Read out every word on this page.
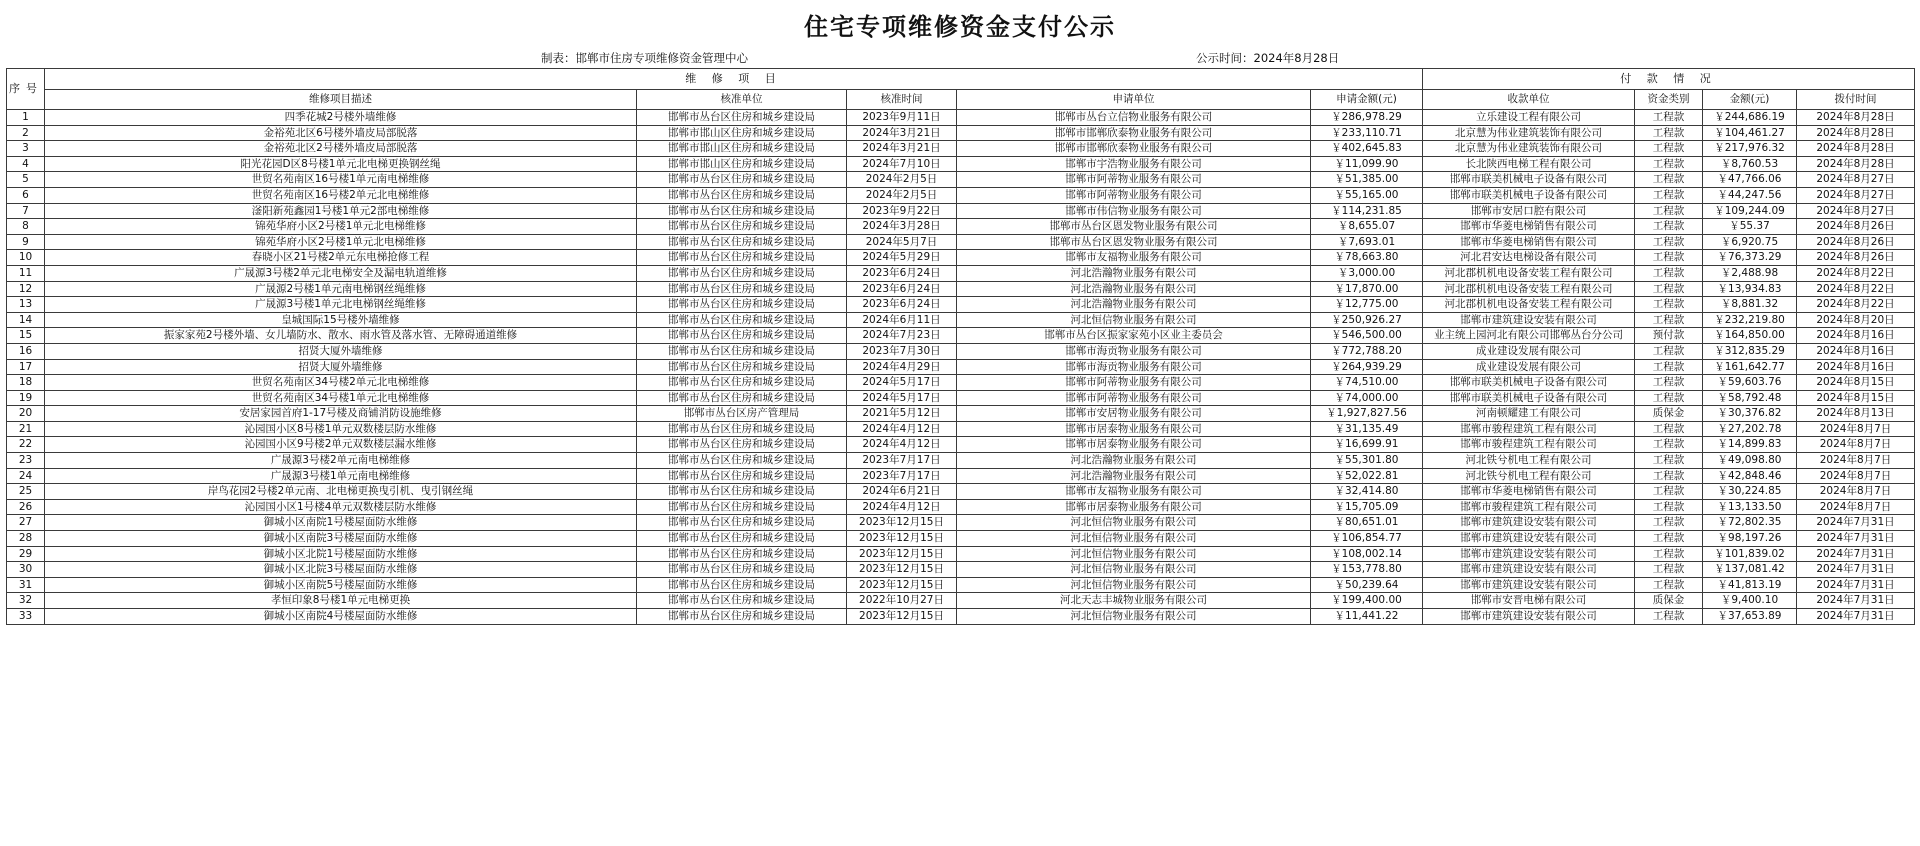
住宅专项维修资金支付公示
制表：邯郸市住房专项维修资金管理中心	公示时间：2024年8月28日
序号	维 修 项 目					付 款 情 况			
	维修项目描述	核准单位	核准时间	申请单位	申请金额(元)	收款单位	资金类别	金额(元)	拨付时间
1	四季花城2号楼外墙维修	邯郸市丛台区住房和城乡建设局	2023年9月11日	邯郸市丛台立信物业服务有限公司	￥286,978.29	立乐建设工程有限公司	工程款	￥244,686.19	2024年8月28日
2	金裕苑北区6号楼外墙皮局部脱落	邯郸市邯山区住房和城乡建设局	2024年3月21日	邯郸市邯郸欣泰物业服务有限公司	￥233,110.71	北京慧为伟业建筑装饰有限公司	工程款	￥104,461.27	2024年8月28日
3	金裕苑北区2号楼外墙皮局部脱落	邯郸市邯山区住房和城乡建设局	2024年3月21日	邯郸市邯郸欣泰物业服务有限公司	￥402,645.83	北京慧为伟业建筑装饰有限公司	工程款	￥217,976.32	2024年8月28日
4	阳光花园D区8号楼1单元北电梯更换钢丝绳	邯郸市邯山区住房和城乡建设局	2024年7月10日	邯郸市宇浩物业服务有限公司	￥11,099.90	长北陕西电梯工程有限公司	工程款	￥8,760.53	2024年8月28日
5	世贸名苑南区16号楼1单元南电梯维修	邯郸市丛台区住房和城乡建设局	2024年2月5日	邯郸市阿蒂物业服务有限公司	￥51,385.00	邯郸市联美机械电子设备有限公司	工程款	￥47,766.06	2024年8月27日
6	世贸名苑南区16号楼2单元北电梯维修	邯郸市丛台区住房和城乡建设局	2024年2月5日	邯郸市阿蒂物业服务有限公司	￥55,165.00	邯郸市联美机械电子设备有限公司	工程款	￥44,247.56	2024年8月27日
7	滏阳新苑鑫园1号楼1单元2部电梯维修	邯郸市丛台区住房和城乡建设局	2023年9月22日	邯郸市伟信物业服务有限公司	￥114,231.85	邯郸市安居口腔有限公司	工程款	￥109,244.09	2024年8月27日
8	锦苑华府小区2号楼1单元北电梯维修	邯郸市丛台区住房和城乡建设局	2024年3月28日	邯郸市丛台区恩发物业服务有限公司	￥8,655.07	邯郸市华菱电梯销售有限公司	工程款	￥55.37	2024年8月26日
9	锦苑华府小区2号楼1单元北电梯维修	邯郸市丛台区住房和城乡建设局	2024年5月7日	邯郸市丛台区恩发物业服务有限公司	￥7,693.01	邯郸市华菱电梯销售有限公司	工程款	￥6,920.75	2024年8月26日
10	春晓小区21号楼2单元东电梯抢修工程	邯郸市丛台区住房和城乡建设局	2024年5月29日	邯郸市友福物业服务有限公司	￥78,663.80	河北君安达电梯设备有限公司	工程款	￥76,373.29	2024年8月26日
11	广晟源3号楼2单元北电梯安全及漏电轨道维修	邯郸市丛台区住房和城乡建设局	2023年6月24日	河北浩瀚物业服务有限公司	￥3,000.00	河北郡机机电设备安装工程有限公司	工程款	￥2,488.98	2024年8月22日
12	广晟源2号楼1单元南电梯钢丝绳维修	邯郸市丛台区住房和城乡建设局	2023年6月24日	河北浩瀚物业服务有限公司	￥17,870.00	河北郡机机电设备安装工程有限公司	工程款	￥13,934.83	2024年8月22日
13	广晟源3号楼1单元北电梯钢丝绳维修	邯郸市丛台区住房和城乡建设局	2023年6月24日	河北浩瀚物业服务有限公司	￥12,775.00	河北郡机机电设备安装工程有限公司	工程款	￥8,881.32	2024年8月22日
14	皇城国际15号楼外墙维修	邯郸市丛台区住房和城乡建设局	2024年6月11日	河北恒信物业服务有限公司	￥250,926.27	邯郸市建筑建设安装有限公司	工程款	￥232,219.80	2024年8月20日
15	振家家苑2号楼外墙、女儿墙防水、散水、雨水管及落水管、无障碍通道维修	邯郸市丛台区住房和城乡建设局	2024年7月23日	邯郸市丛台区振家家苑小区业主委员会	￥546,500.00	业主统上园河北有限公司邯郸丛台分公司	预付款	￥164,850.00	2024年8月16日
16	招贤大厦外墙维修	邯郸市丛台区住房和城乡建设局	2023年7月30日	邯郸市海贡物业服务有限公司	￥772,788.20	成业建设发展有限公司	工程款	￥312,835.29	2024年8月16日
17	招贤大厦外墙维修	邯郸市丛台区住房和城乡建设局	2024年4月29日	邯郸市海贡物业服务有限公司	￥264,939.29	成业建设发展有限公司	工程款	￥161,642.77	2024年8月16日
18	世贸名苑南区34号楼2单元北电梯维修	邯郸市丛台区住房和城乡建设局	2024年5月17日	邯郸市阿蒂物业服务有限公司	￥74,510.00	邯郸市联美机械电子设备有限公司	工程款	￥59,603.76	2024年8月15日
19	世贸名苑南区34号楼1单元北电梯维修	邯郸市丛台区住房和城乡建设局	2024年5月17日	邯郸市阿蒂物业服务有限公司	￥74,000.00	邯郸市联美机械电子设备有限公司	工程款	￥58,792.48	2024年8月15日
20	安居家园首府1-17号楼及商铺消防设施维修	邯郸市丛台区房产管理局	2021年5月12日	邯郸市安居物业服务有限公司	￥1,927,827.56	河南顿耀建工有限公司	质保金	￥30,376.82	2024年8月13日
21	沁园国小区8号楼1单元双数楼层防水维修	邯郸市丛台区住房和城乡建设局	2024年4月12日	邯郸市居泰物业服务有限公司	￥31,135.49	邯郸市骏程建筑工程有限公司	工程款	￥27,202.78	2024年8月7日
22	沁园国小区9号楼2单元双数楼层漏水维修	邯郸市丛台区住房和城乡建设局	2024年4月12日	邯郸市居泰物业服务有限公司	￥16,699.91	邯郸市骏程建筑工程有限公司	工程款	￥14,899.83	2024年8月7日
23	广晟源3号楼2单元南电梯维修	邯郸市丛台区住房和城乡建设局	2023年7月17日	河北浩瀚物业服务有限公司	￥55,301.80	河北铁兮机电工程有限公司	工程款	￥49,098.80	2024年8月7日
24	广晟源3号楼1单元南电梯维修	邯郸市丛台区住房和城乡建设局	2023年7月17日	河北浩瀚物业服务有限公司	￥52,022.81	河北铁兮机电工程有限公司	工程款	￥42,848.46	2024年8月7日
25	岸鸟花园2号楼2单元南、北电梯更换曳引机、曳引钢丝绳	邯郸市丛台区住房和城乡建设局	2024年6月21日	邯郸市友福物业服务有限公司	￥32,414.80	邯郸市华菱电梯销售有限公司	工程款	￥30,224.85	2024年8月7日
26	沁园国小区1号楼4单元双数楼层防水维修	邯郸市丛台区住房和城乡建设局	2024年4月12日	邯郸市居泰物业服务有限公司	￥15,705.09	邯郸市骏程建筑工程有限公司	工程款	￥13,133.50	2024年8月7日
27	御城小区南院1号楼屋面防水维修	邯郸市丛台区住房和城乡建设局	2023年12月15日	河北恒信物业服务有限公司	￥80,651.01	邯郸市建筑建设安装有限公司	工程款	￥72,802.35	2024年7月31日
28	御城小区南院3号楼屋面防水维修	邯郸市丛台区住房和城乡建设局	2023年12月15日	河北恒信物业服务有限公司	￥106,854.77	邯郸市建筑建设安装有限公司	工程款	￥98,197.26	2024年7月31日
29	御城小区北院1号楼屋面防水维修	邯郸市丛台区住房和城乡建设局	2023年12月15日	河北恒信物业服务有限公司	￥108,002.14	邯郸市建筑建设安装有限公司	工程款	￥101,839.02	2024年7月31日
30	御城小区北院3号楼屋面防水维修	邯郸市丛台区住房和城乡建设局	2023年12月15日	河北恒信物业服务有限公司	￥153,778.80	邯郸市建筑建设安装有限公司	工程款	￥137,081.42	2024年7月31日
31	御城小区南院5号楼屋面防水维修	邯郸市丛台区住房和城乡建设局	2023年12月15日	河北恒信物业服务有限公司	￥50,239.64	邯郸市建筑建设安装有限公司	工程款	￥41,813.19	2024年7月31日
32	孝恒印象8号楼1单元电梯更换	邯郸市丛台区住房和城乡建设局	2022年10月27日	河北天志丰城物业服务有限公司	￥199,400.00	邯郸市安晋电梯有限公司	质保金	￥9,400.10	2024年7月31日
33	御城小区南院4号楼屋面防水维修	邯郸市丛台区住房和城乡建设局	2023年12月15日	河北恒信物业服务有限公司	￥11,441.22	邯郸市建筑建设安装有限公司	工程款	￥37,653.89	2024年7月31日
